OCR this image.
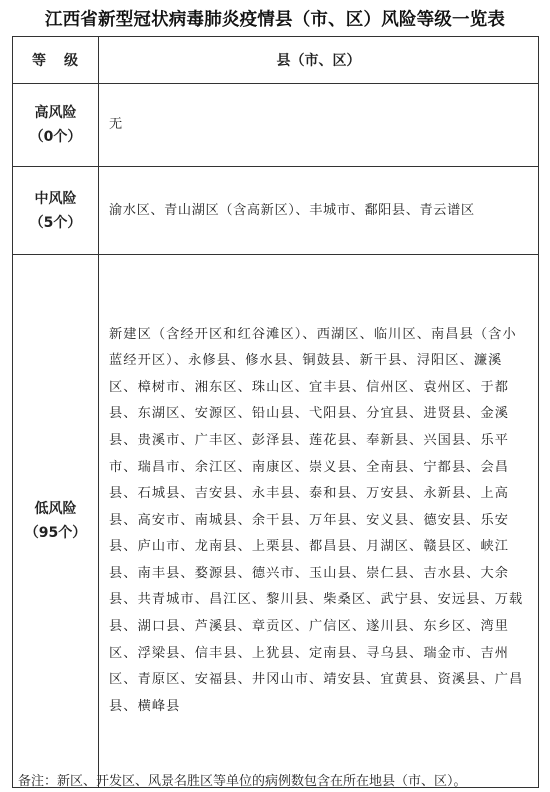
江西省新型冠状病毒肺炎疫情县（市、区）风险等级一览表
等级	县（市、区）

高风险
（0个）	无

中风险
（5个）	渝水区、青山湖区（含高新区）、丰城市、鄱阳县、青云谱区

低风险
（95个）	新建区（含经开区和红谷滩区）、西湖区、临川区、南昌县（含小蓝经开区）、永修县、修水县、铜鼓县、新干县、浔阳区、濂溪区、樟树市、湘东区、珠山区、宜丰县、信州区、袁州区、于都县、东湖区、安源区、铅山县、弋阳县、分宜县、进贤县、金溪县、贵溪市、广丰区、彭泽县、莲花县、奉新县、兴国县、乐平市、瑞昌市、余江区、南康区、崇义县、全南县、宁都县、会昌县、石城县、吉安县、永丰县、泰和县、万安县、永新县、上高县、高安市、南城县、余干县、万年县、安义县、德安县、乐安县、庐山市、龙南县、上栗县、都昌县、月湖区、赣县区、峡江县、南丰县、婺源县、德兴市、玉山县、崇仁县、吉水县、大余县、共青城市、昌江区、黎川县、柴桑区、武宁县、安远县、万载县、湖口县、芦溪县、章贡区、广信区、遂川县、东乡区、湾里区、浮梁县、信丰县、上犹县、定南县、寻乌县、瑞金市、吉州区、青原区、安福县、井冈山市、靖安县、宜黄县、资溪县、广昌县、横峰县
备注：新区、开发区、风景名胜区等单位的病例数包含在所在地县（市、区）。
